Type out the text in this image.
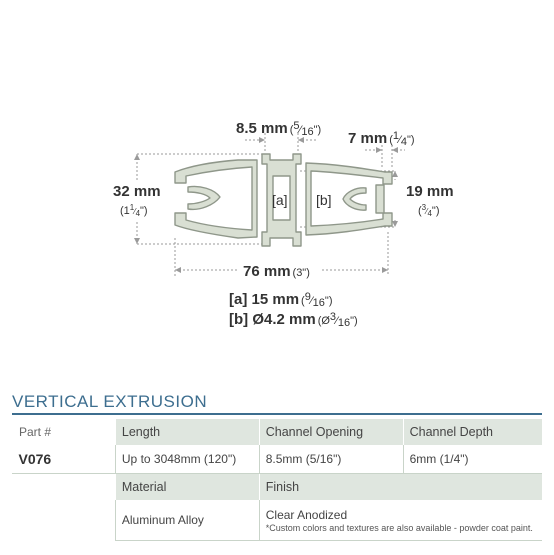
8.5 mm ($^5_⁄$16") 7 mm ($^1_⁄$4")
32 mm
$(1^1_⁄4")$
19 mm
($^3_⁄$4")
76 mm (3")
[a] [b]
[a] 15 mm ($^9_⁄$16")
[b] Ø4.2 mm $(Ø^3_⁄16")$
VERTICAL EXTRUSION
Part #	Length	Channel Opening	Channel Depth
V076	Up to 3048mm (120")	8.5mm (5/16")	6mm (1/4")
	Material	Finish	
	Aluminum Alloy	Clear Anodized
*Custom colors and textures are also available - powder coat paint.	
